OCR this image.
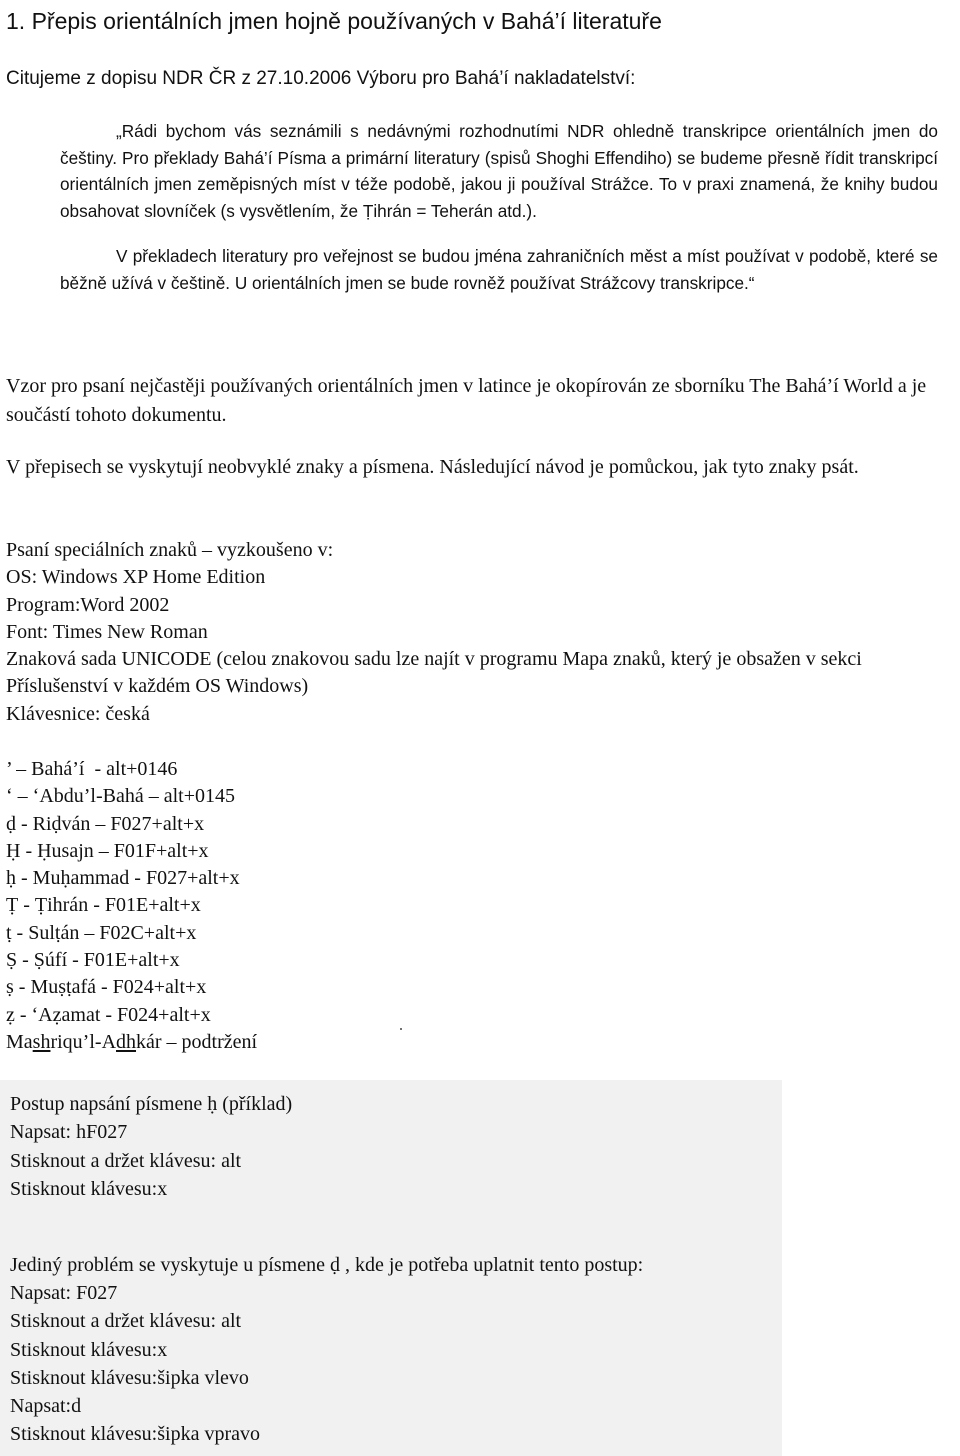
1. Přepis orientálních jmen hojně používaných v Bahá’í literatuře
Citujeme z dopisu NDR ČR z 27.10.2006 Výboru pro Bahá’í nakladatelství:

„Rádi bychom vás seznámili s nedávnými rozhodnutími NDR ohledně transkripce orientálních jmen do češtiny. Pro překlady Bahá’í Písma a primární literatury (spisů Shoghi Effendiho) se budeme přesně řídit transkripcí orientálních jmen zeměpisných míst v téže podobě, jakou ji používal Strážce. To v praxi znamená, že knihy budou obsahovat slovníček (s vysvětlením, že Ṭihrán = Teherán atd.).

V překladech literatury pro veřejnost se budou jména zahraničních měst a míst používat v podobě, které se běžně užívá v češtině. U orientálních jmen se bude rovněž používat Strážcovy transkripce.“

Vzor pro psaní nejčastěji používaných orientálních jmen v latince je okopírován ze sborníku The Bahá’í World a je součástí tohoto dokumentu.

V přepisech se vyskytují neobvyklé znaky a písmena. Následující návod je pomůckou, jak tyto znaky psát.

Psaní speciálních znaků – vyzkoušeno v:
OS: Windows XP Home Edition
Program:Word 2002
Font: Times New Roman
Znaková sada UNICODE (celou znakovou sadu lze najít v programu Mapa znaků, který je obsažen v sekci Příslušenství v každém OS Windows)
Klávesnice: česká
’ – Bahá’í  - alt+0146
‘ – ‘Abdu’l-Bahá – alt+0145
ḍ - Riḍván – F027+alt+x
Ḥ - Ḥusajn – F01F+alt+x
ḥ - Muḥammad - F027+alt+x
Ṭ - Ṭihrán - F01E+alt+x
ṭ - Sulṭán – F02C+alt+x
Ṣ - Ṣúfí - F01E+alt+x
ṣ - Muṣṭafá - F024+alt+x
ẓ - ‘Aẓamat - F024+alt+x
Mashriqu’l-Adhkár – podtržení
Postup napsání písmene ḥ (příklad)
Napsat: hF027
Stisknout a držet klávesu: alt
Stisknout klávesu:x
Jediný problém se vyskytuje u písmene ḍ , kde je potřeba uplatnit tento postup:
Napsat: F027
Stisknout a držet klávesu: alt
Stisknout klávesu:x
Stisknout klávesu:šipka vlevo
Napsat:d
Stisknout klávesu:šipka vpravo
